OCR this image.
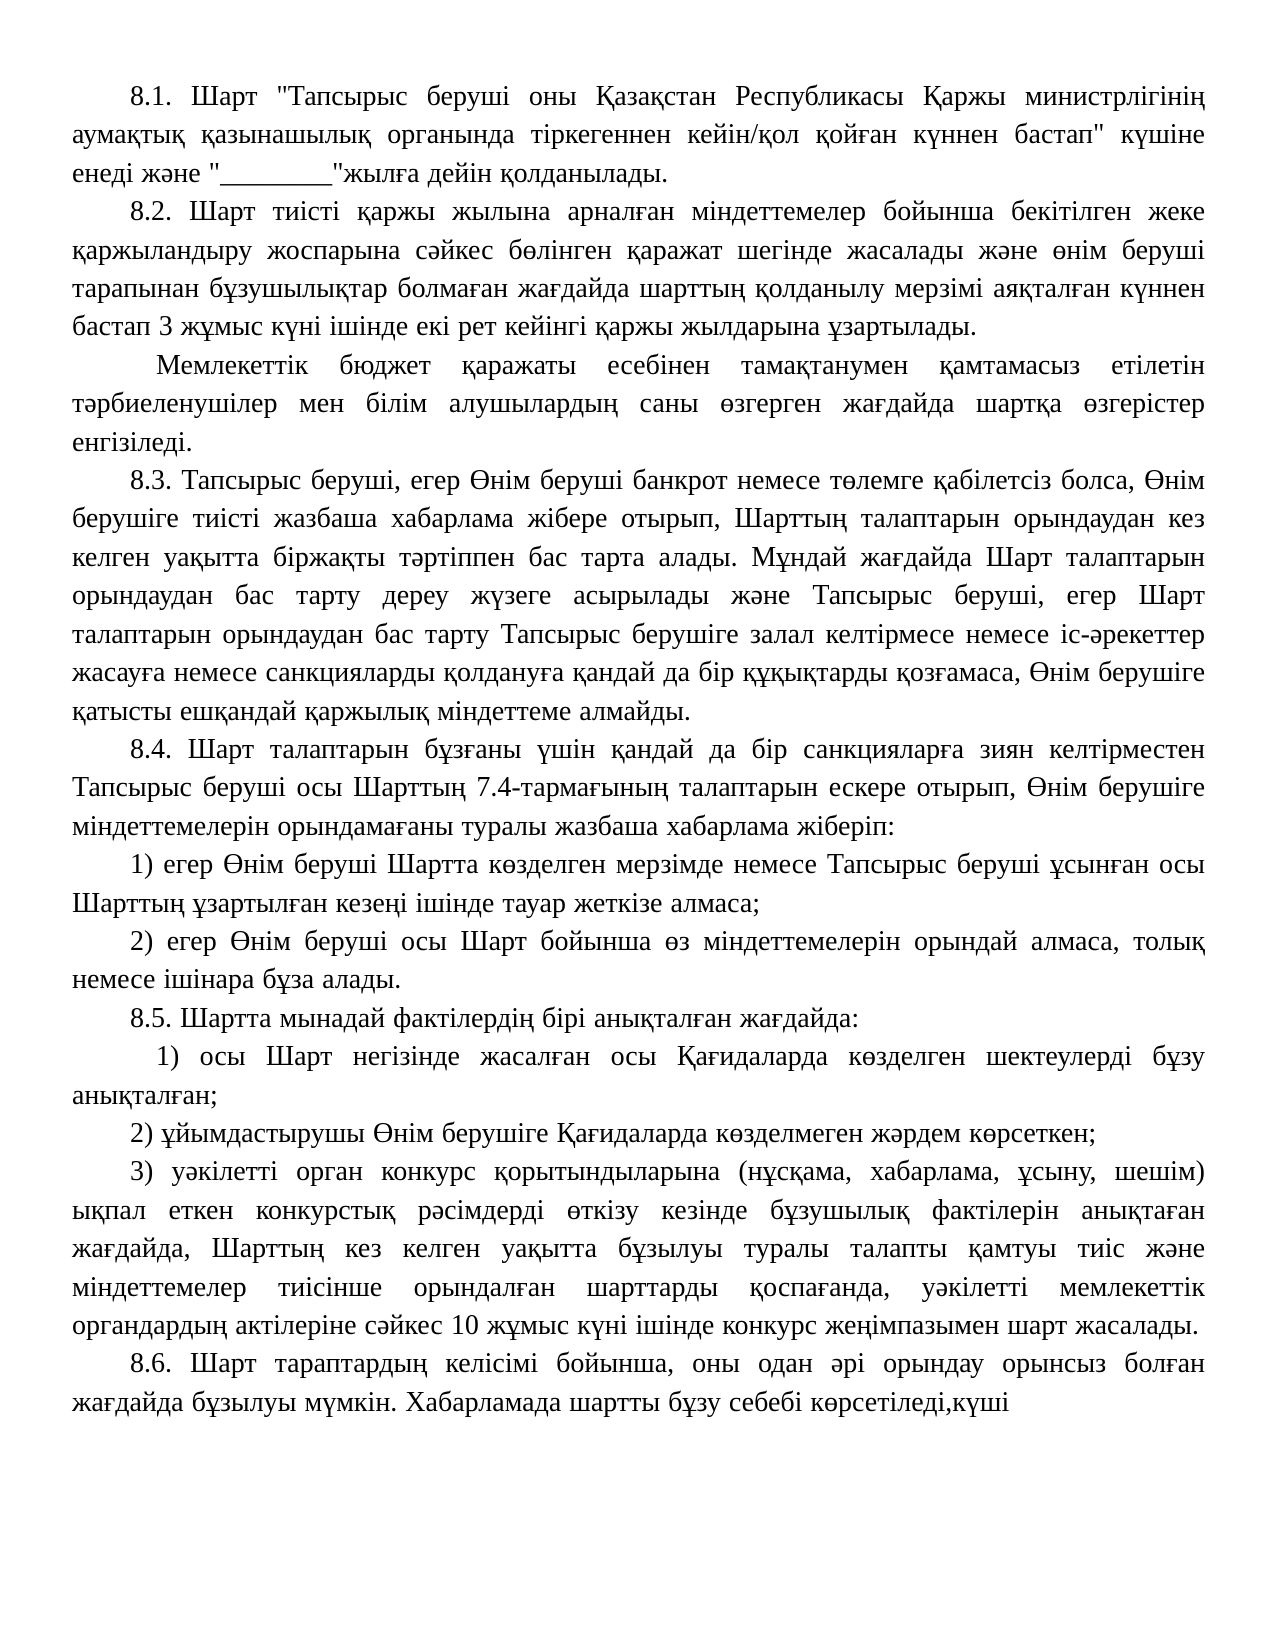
8.1. Шарт "Тапсырыс беруші оны Қазақстан Республикасы Қаржы министрлігінің аумақтық қазынашылық органында тіркегеннен кейін/қол қойған күннен бастап" күшіне енеді және "________"жылға дейін қолданылады.

8.2. Шарт тиісті қаржы жылына арналған міндеттемелер бойынша бекітілген жеке қаржыландыру жоспарына сәйкес бөлінген қаражат шегінде жасалады және өнім беруші тарапынан бұзушылықтар болмаған жағдайда шарттың қолданылу мерзімі аяқталған күннен бастап 3 жұмыс күні ішінде екі рет кейінгі қаржы жылдарына ұзартылады.

Мемлекеттік бюджет қаражаты есебінен тамақтанумен қамтамасыз етілетін тәрбиеленушілер мен білім алушылардың саны өзгерген жағдайда шартқа өзгерістер енгізіледі.

8.3. Тапсырыс беруші, егер Өнім беруші банкрот немесе төлемге қабілетсіз болса, Өнім берушіге тиісті жазбаша хабарлама жібере отырып, Шарттың талаптарын орындаудан кез келген уақытта біржақты тәртіппен бас тарта алады. Мұндай жағдайда Шарт талаптарын орындаудан бас тарту дереу жүзеге асырылады және Тапсырыс беруші, егер Шарт талаптарын орындаудан бас тарту Тапсырыс берушіге залал келтірмесе немесе іс-әрекеттер жасауға немесе санкцияларды қолдануға қандай да бір құқықтарды қозғамаса, Өнім берушіге қатысты ешқандай қаржылық міндеттеме алмайды.

8.4. Шарт талаптарын бұзғаны үшін қандай да бір санкцияларға зиян келтірместен Тапсырыс беруші осы Шарттың 7.4-тармағының талаптарын ескере отырып, Өнім берушіге міндеттемелерін орындамағаны туралы жазбаша хабарлама жіберіп:

1) егер Өнім беруші Шартта көзделген мерзімде немесе Тапсырыс беруші ұсынған осы Шарттың ұзартылған кезеңі ішінде тауар жеткізе алмаса;

2) егер Өнім беруші осы Шарт бойынша өз міндеттемелерін орындай алмаса, толық немесе ішінара бұза алады.

8.5. Шартта мынадай фактілердің бірі анықталған жағдайда:

1) осы Шарт негізінде жасалған осы Қағидаларда көзделген шектеулерді бұзу анықталған;

2) ұйымдастырушы Өнім берушіге Қағидаларда көзделмеген жәрдем көрсеткен;

3) уәкілетті орган конкурс қорытындыларына (нұсқама, хабарлама, ұсыну, шешім) ықпал еткен конкурстық рәсімдерді өткізу кезінде бұзушылық фактілерін анықтаған жағдайда, Шарттың кез келген уақытта бұзылуы туралы талапты қамтуы тиіс және міндеттемелер тиісінше орындалған шарттарды қоспағанда, уәкілетті мемлекеттік органдардың актілеріне сәйкес 10 жұмыс күні ішінде конкурс жеңімпазымен шарт жасалады.

8.6. Шарт тараптардың келісімі бойынша, оны одан әрі орындау орынсыз болған жағдайда бұзылуы мүмкін. Хабарламада шартты бұзу себебі көрсетіледі,күші
